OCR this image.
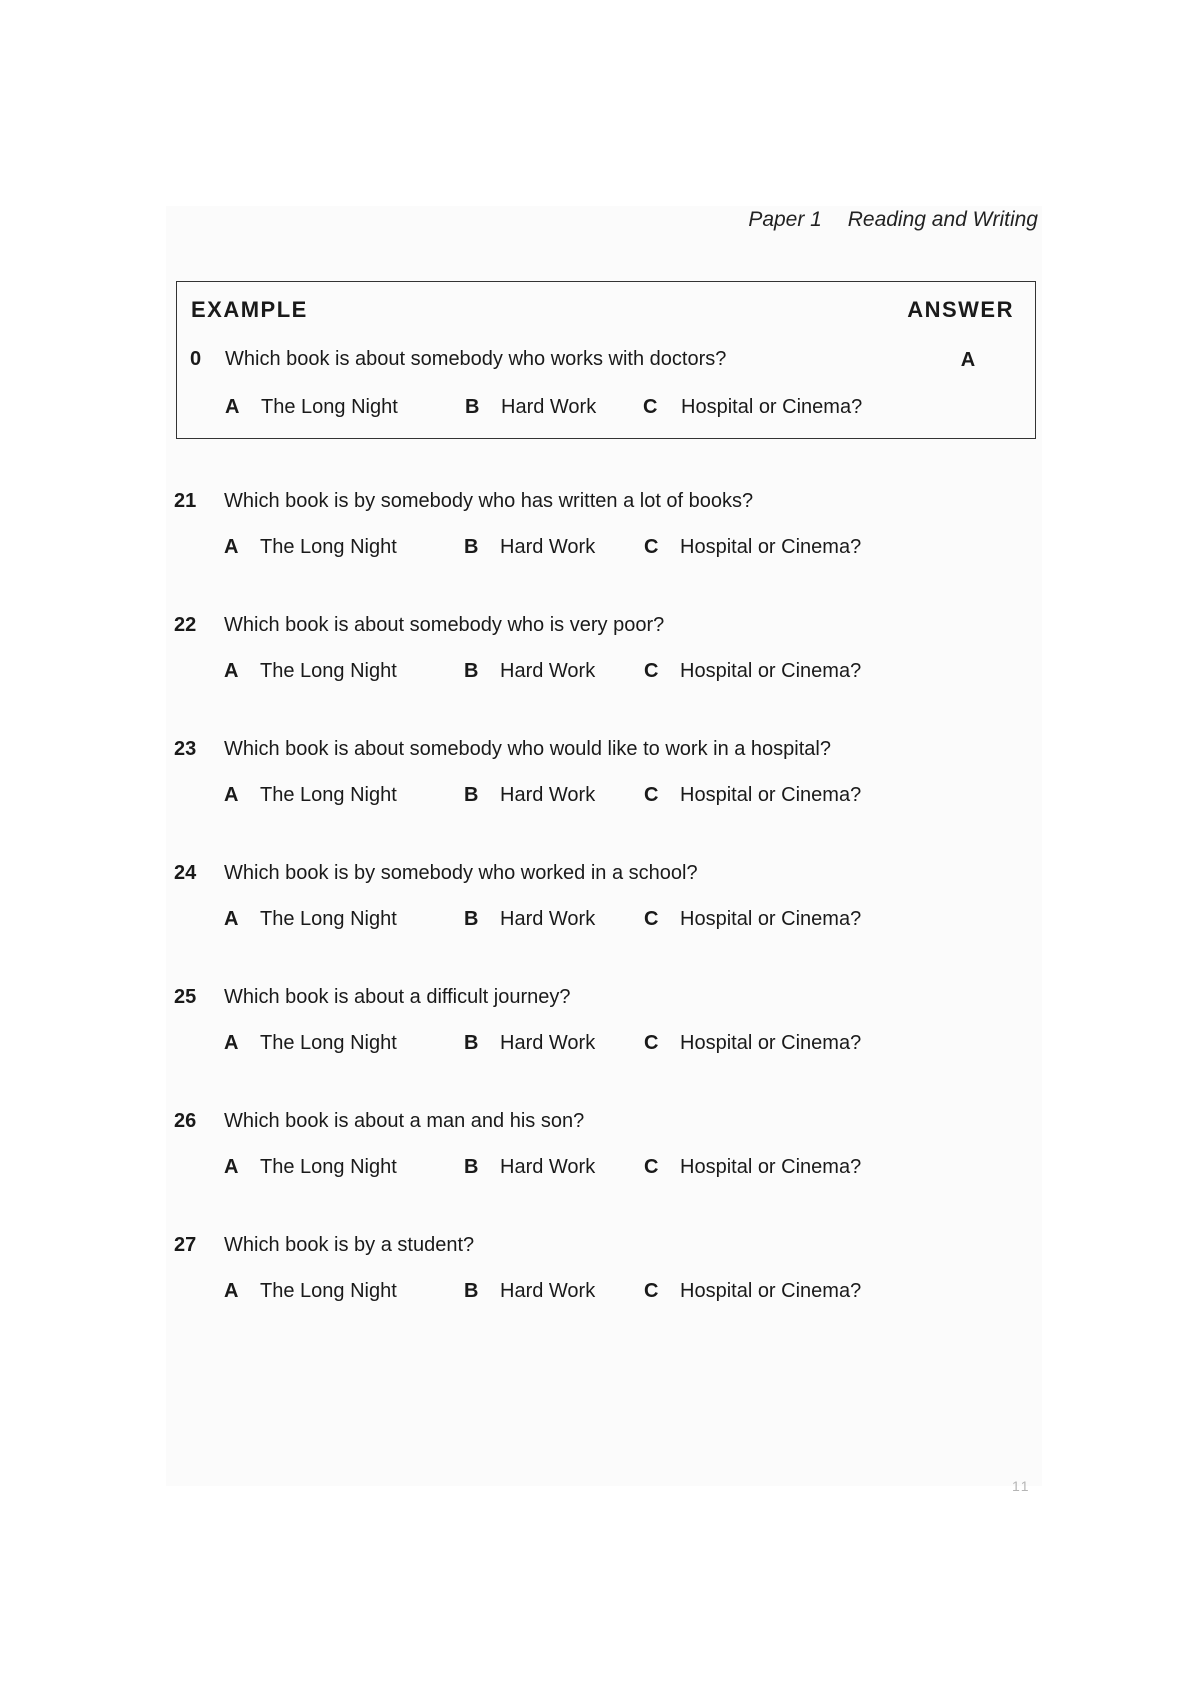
Paper 1 Reading and Writing
EXAMPLE	ANSWER
0	Which book is about somebody who works with doctors?	A
A	The Long Night	B	Hard Work C	Hospital or Cinema?
21	Which book is by somebody who has written a lot of books?
A	The Long Night	B	Hard Work C	Hospital or Cinema?
22	Which book is about somebody who is very poor?
A	The Long Night	B	Hard Work C	Hospital or Cinema?
23	Which book is about somebody who would like to work in a hospital?
A	The Long Night	B	Hard Work C	Hospital or Cinema?
24	Which book is by somebody who worked in a school?
A	The Long Night	B	Hard Work C	Hospital or Cinema?
25	Which book is about a difficult journey?
A	The Long Night	B	Hard Work C	Hospital or Cinema?
26	Which book is about a man and his son?
A	The Long Night	B	Hard Work C	Hospital or Cinema?
27	Which book is by a student?
A	The Long Night	B	Hard Work C	Hospital or Cinema?
11
